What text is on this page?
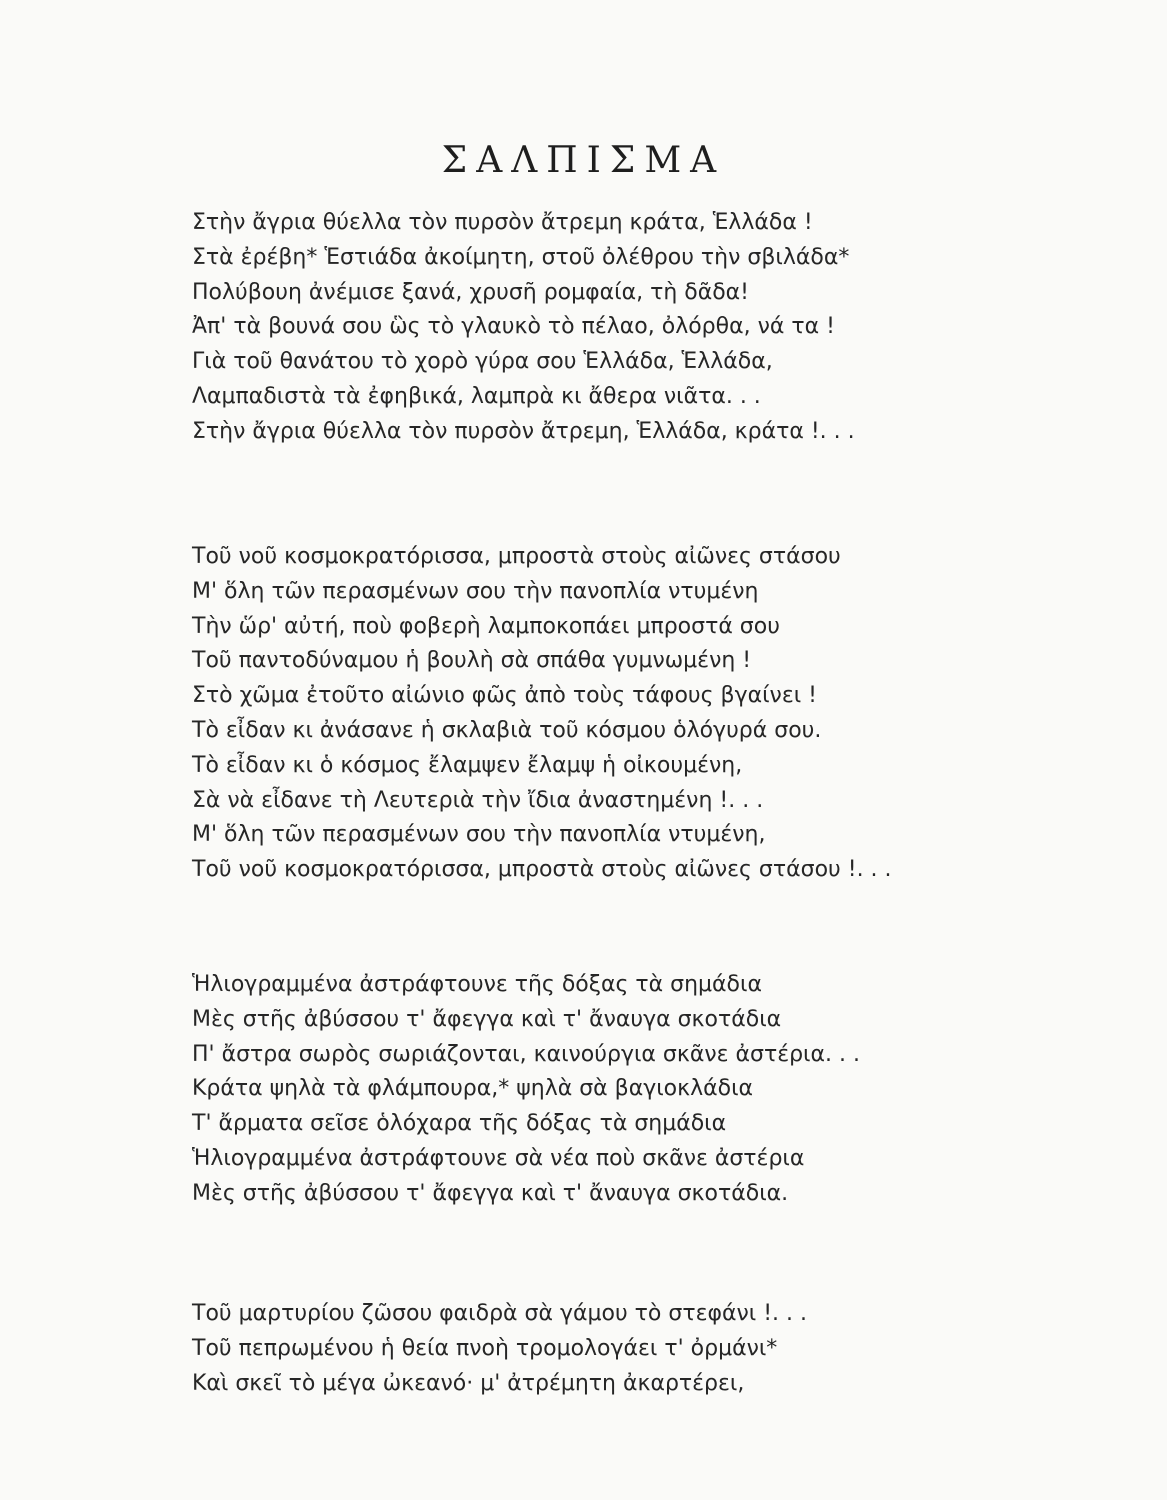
ΣΑΛΠΙΣΜΑ
Στὴν ἄγρια θύελλα τὸν πυρσὸν ἄτρεμη κράτα, Ἑλλάδα !
Στὰ ἐρέβη* Ἑστιάδα ἀκοίμητη, στοῦ ὀλέθρου τὴν σβιλάδα*
Πολύβουη ἀνέμισε ξανά, χρυσῆ ρομφαία, τὴ δᾶδα!
Ἀπ' τὰ βουνά σου ὣς τὸ γλαυκὸ τὸ πέλαο, ὀλόρθα, νά τα !
Γιὰ τοῦ θανάτου τὸ χορὸ γύρα σου Ἑλλάδα, Ἑλλάδα,
Λαμπαδιστὰ τὰ ἐφηβικά, λαμπρὰ κι ἄθερα νιᾶτα. . .
Στὴν ἄγρια θύελλα τὸν πυρσὸν ἄτρεμη, Ἑλλάδα, κράτα !. . .
Τοῦ νοῦ κοσμοκρατόρισσα, μπροστὰ στοὺς αἰῶνες στάσου
Μ' ὅλη τῶν περασμένων σου τὴν πανοπλία ντυμένη
Τὴν ὥρ' αὐτή, ποὺ φοβερὴ λαμποκοπάει μπροστά σου
Τοῦ παντοδύναμου ἡ βουλὴ σὰ σπάθα γυμνωμένη !
Στὸ χῶμα ἐτοῦτο αἰώνιο φῶς ἀπὸ τοὺς τάφους βγαίνει !
Τὸ εἶδαν κι ἀνάσανε ἡ σκλαβιὰ τοῦ κόσμου ὁλόγυρά σου.
Τὸ εἶδαν κι ὁ κόσμος ἔλαμψεν ἔλαμψ ἡ οἰκουμένη,
Σὰ νὰ εἶδανε τὴ Λευτεριὰ τὴν ἴδια ἀναστημένη !. . .
Μ' ὅλη τῶν περασμένων σου τὴν πανοπλία ντυμένη,
Τοῦ νοῦ κοσμοκρατόρισσα, μπροστὰ στοὺς αἰῶνες στάσου !. . .
Ἡλιογραμμένα ἀστράφτουνε τῆς δόξας τὰ σημάδια
Μὲς στῆς ἀβύσσου τ' ἄφεγγα καὶ τ' ἄναυγα σκοτάδια
Π' ἄστρα σωρὸς σωριάζονται, καινούργια σκᾶνε ἀστέρια. . .
Κράτα ψηλὰ τὰ φλάμπουρα,* ψηλὰ σὰ βαγιοκλάδια
Τ' ἄρματα σεῖσε ὁλόχαρα τῆς δόξας τὰ σημάδια
Ἡλιογραμμένα ἀστράφτουνε σὰ νέα ποὺ σκᾶνε ἀστέρια
Μὲς στῆς ἀβύσσου τ' ἄφεγγα καὶ τ' ἄναυγα σκοτάδια.
Τοῦ μαρτυρίου ζῶσου φαιδρὰ σὰ γάμου τὸ στεφάνι !. . .
Τοῦ πεπρωμένου ἡ θεία πνοὴ τρομολογάει τ' ὀρμάνι*
Καὶ σκεῖ τὸ μέγα ὠκεανό· μ' ἀτρέμητη ἀκαρτέρει,
